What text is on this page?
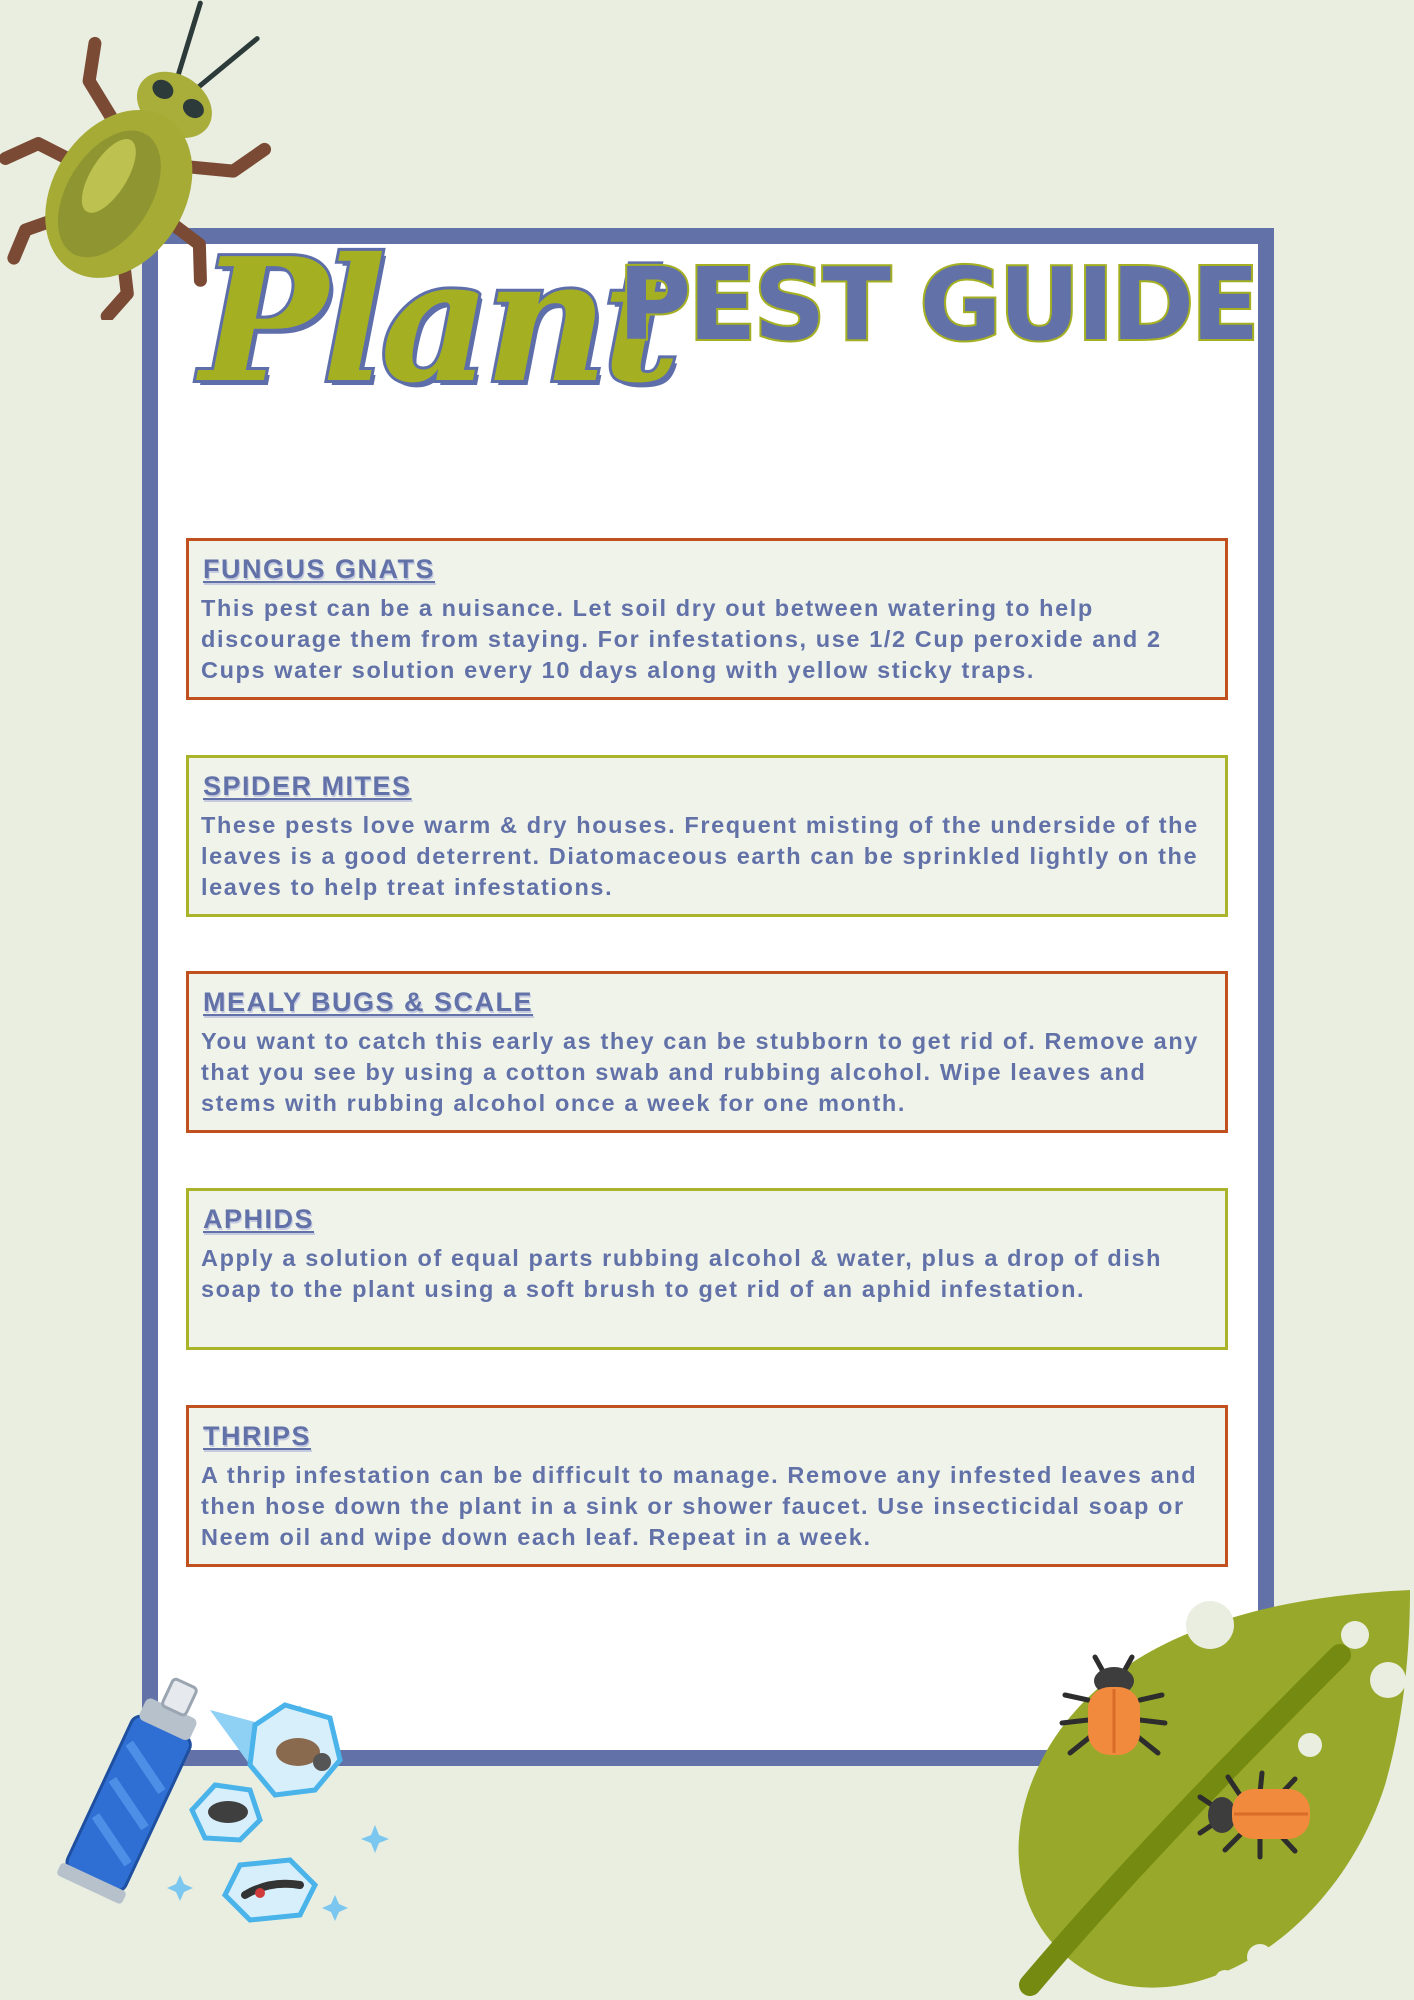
Plant
PEST GUIDE
FUNGUS GNATS
This pest can be a nuisance. Let soil dry out between watering to help discourage them from staying. For infestations, use 1/2 Cup peroxide and 2 Cups water solution every 10 days along with yellow sticky traps.
SPIDER MITES
These pests love warm & dry houses. Frequent misting of the underside of the leaves is a good deterrent. Diatomaceous earth can be sprinkled lightly on the leaves to help treat infestations.
MEALY BUGS & SCALE
You want to catch this early as they can be stubborn to get rid of. Remove any that you see by using a cotton swab and rubbing alcohol. Wipe leaves and stems with rubbing alcohol once a week for one month.
APHIDS
Apply a solution of equal parts rubbing alcohol & water, plus a drop of dish soap to the plant using a soft brush to get rid of an aphid infestation.
THRIPS
A thrip infestation can be difficult to manage. Remove any infested leaves and then hose down the plant in a sink or shower faucet. Use insecticidal soap or Neem oil and wipe down each leaf. Repeat in a week.
